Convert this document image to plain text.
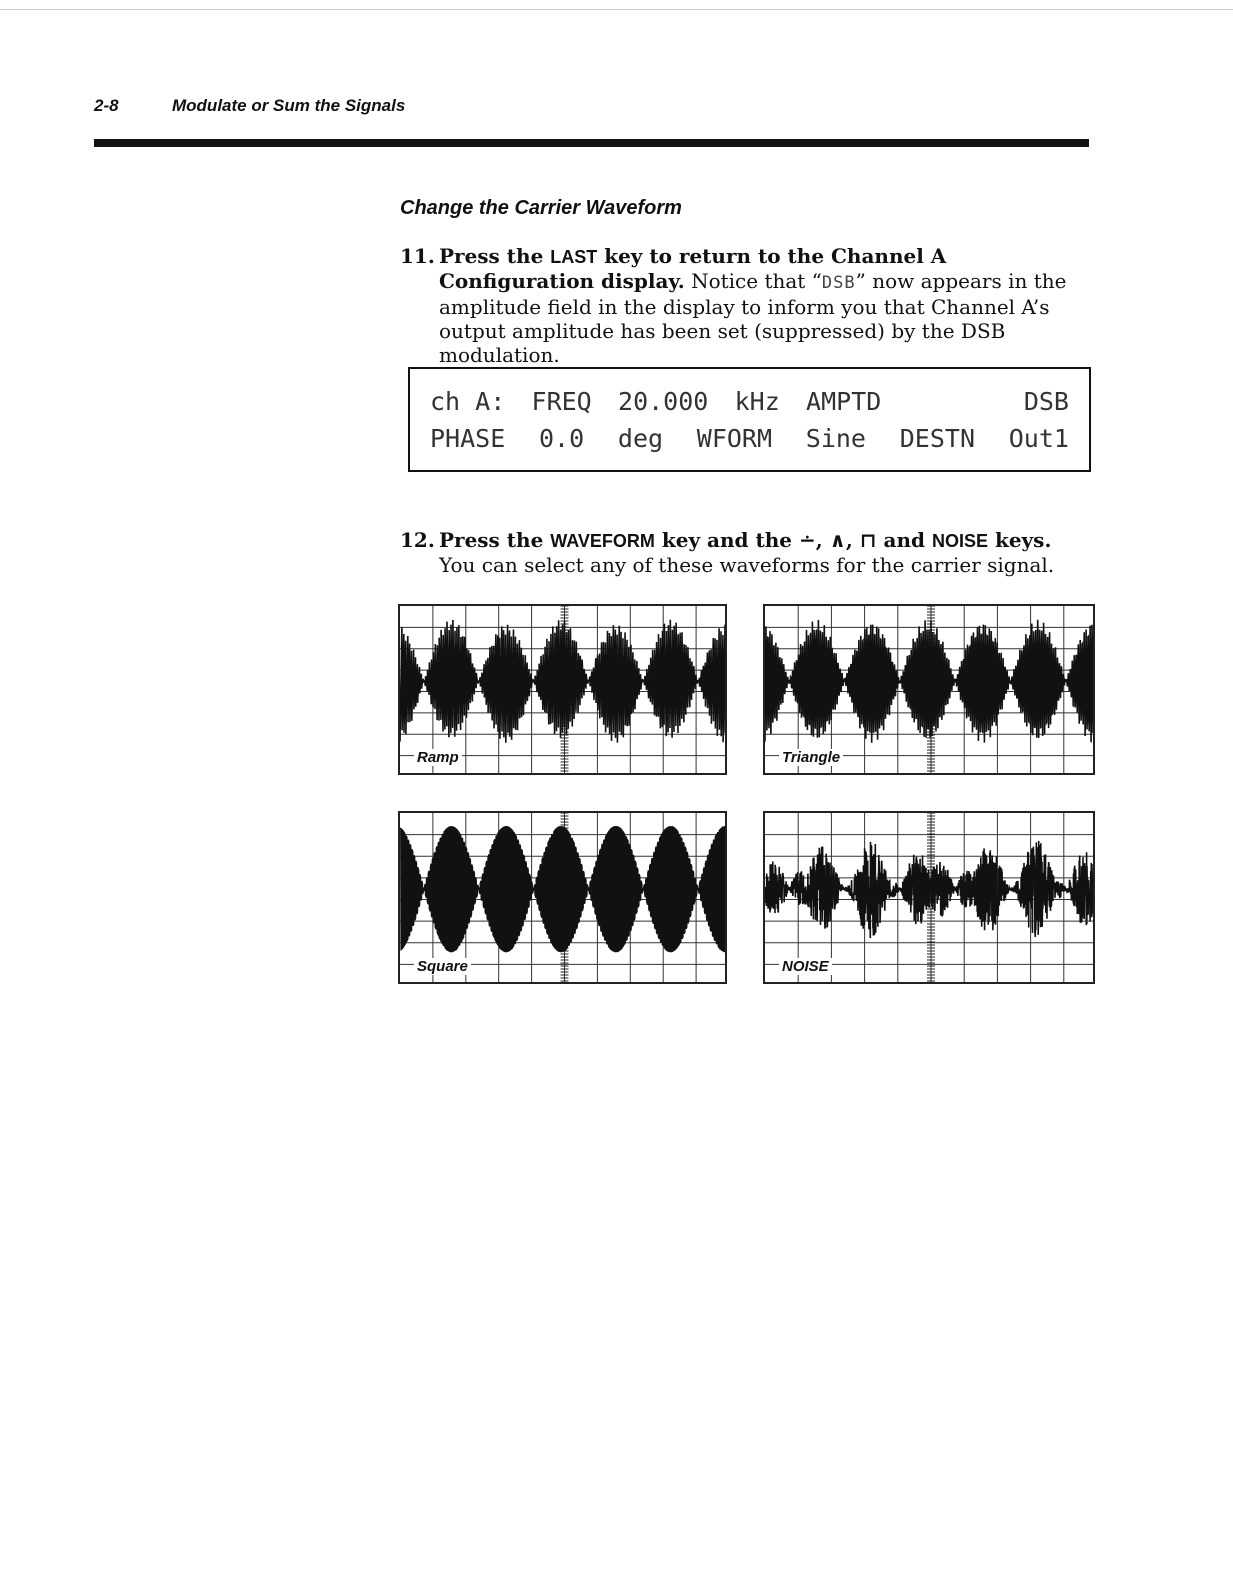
2-8	Modulate or Sum the Signals
Change the Carrier Waveform
11. Press the LAST key to return to the Channel A Configuration display. Notice that “DSB” now appears in the amplitude field in the display to inform you that Channel A’s output amplitude has been set (suppressed) by the DSB modulation.
ch A: FREQ 20.000 kHz AMPTD	DSB
PHASE 0.0 deg WFORM Sine DESTN Out1
12. Press the WAVEFORM key and the ∸, ∧, ⊓ and NOISE keys. You can select any of these waveforms for the carrier signal.
Ramp	Triangle
Square	NOISE
